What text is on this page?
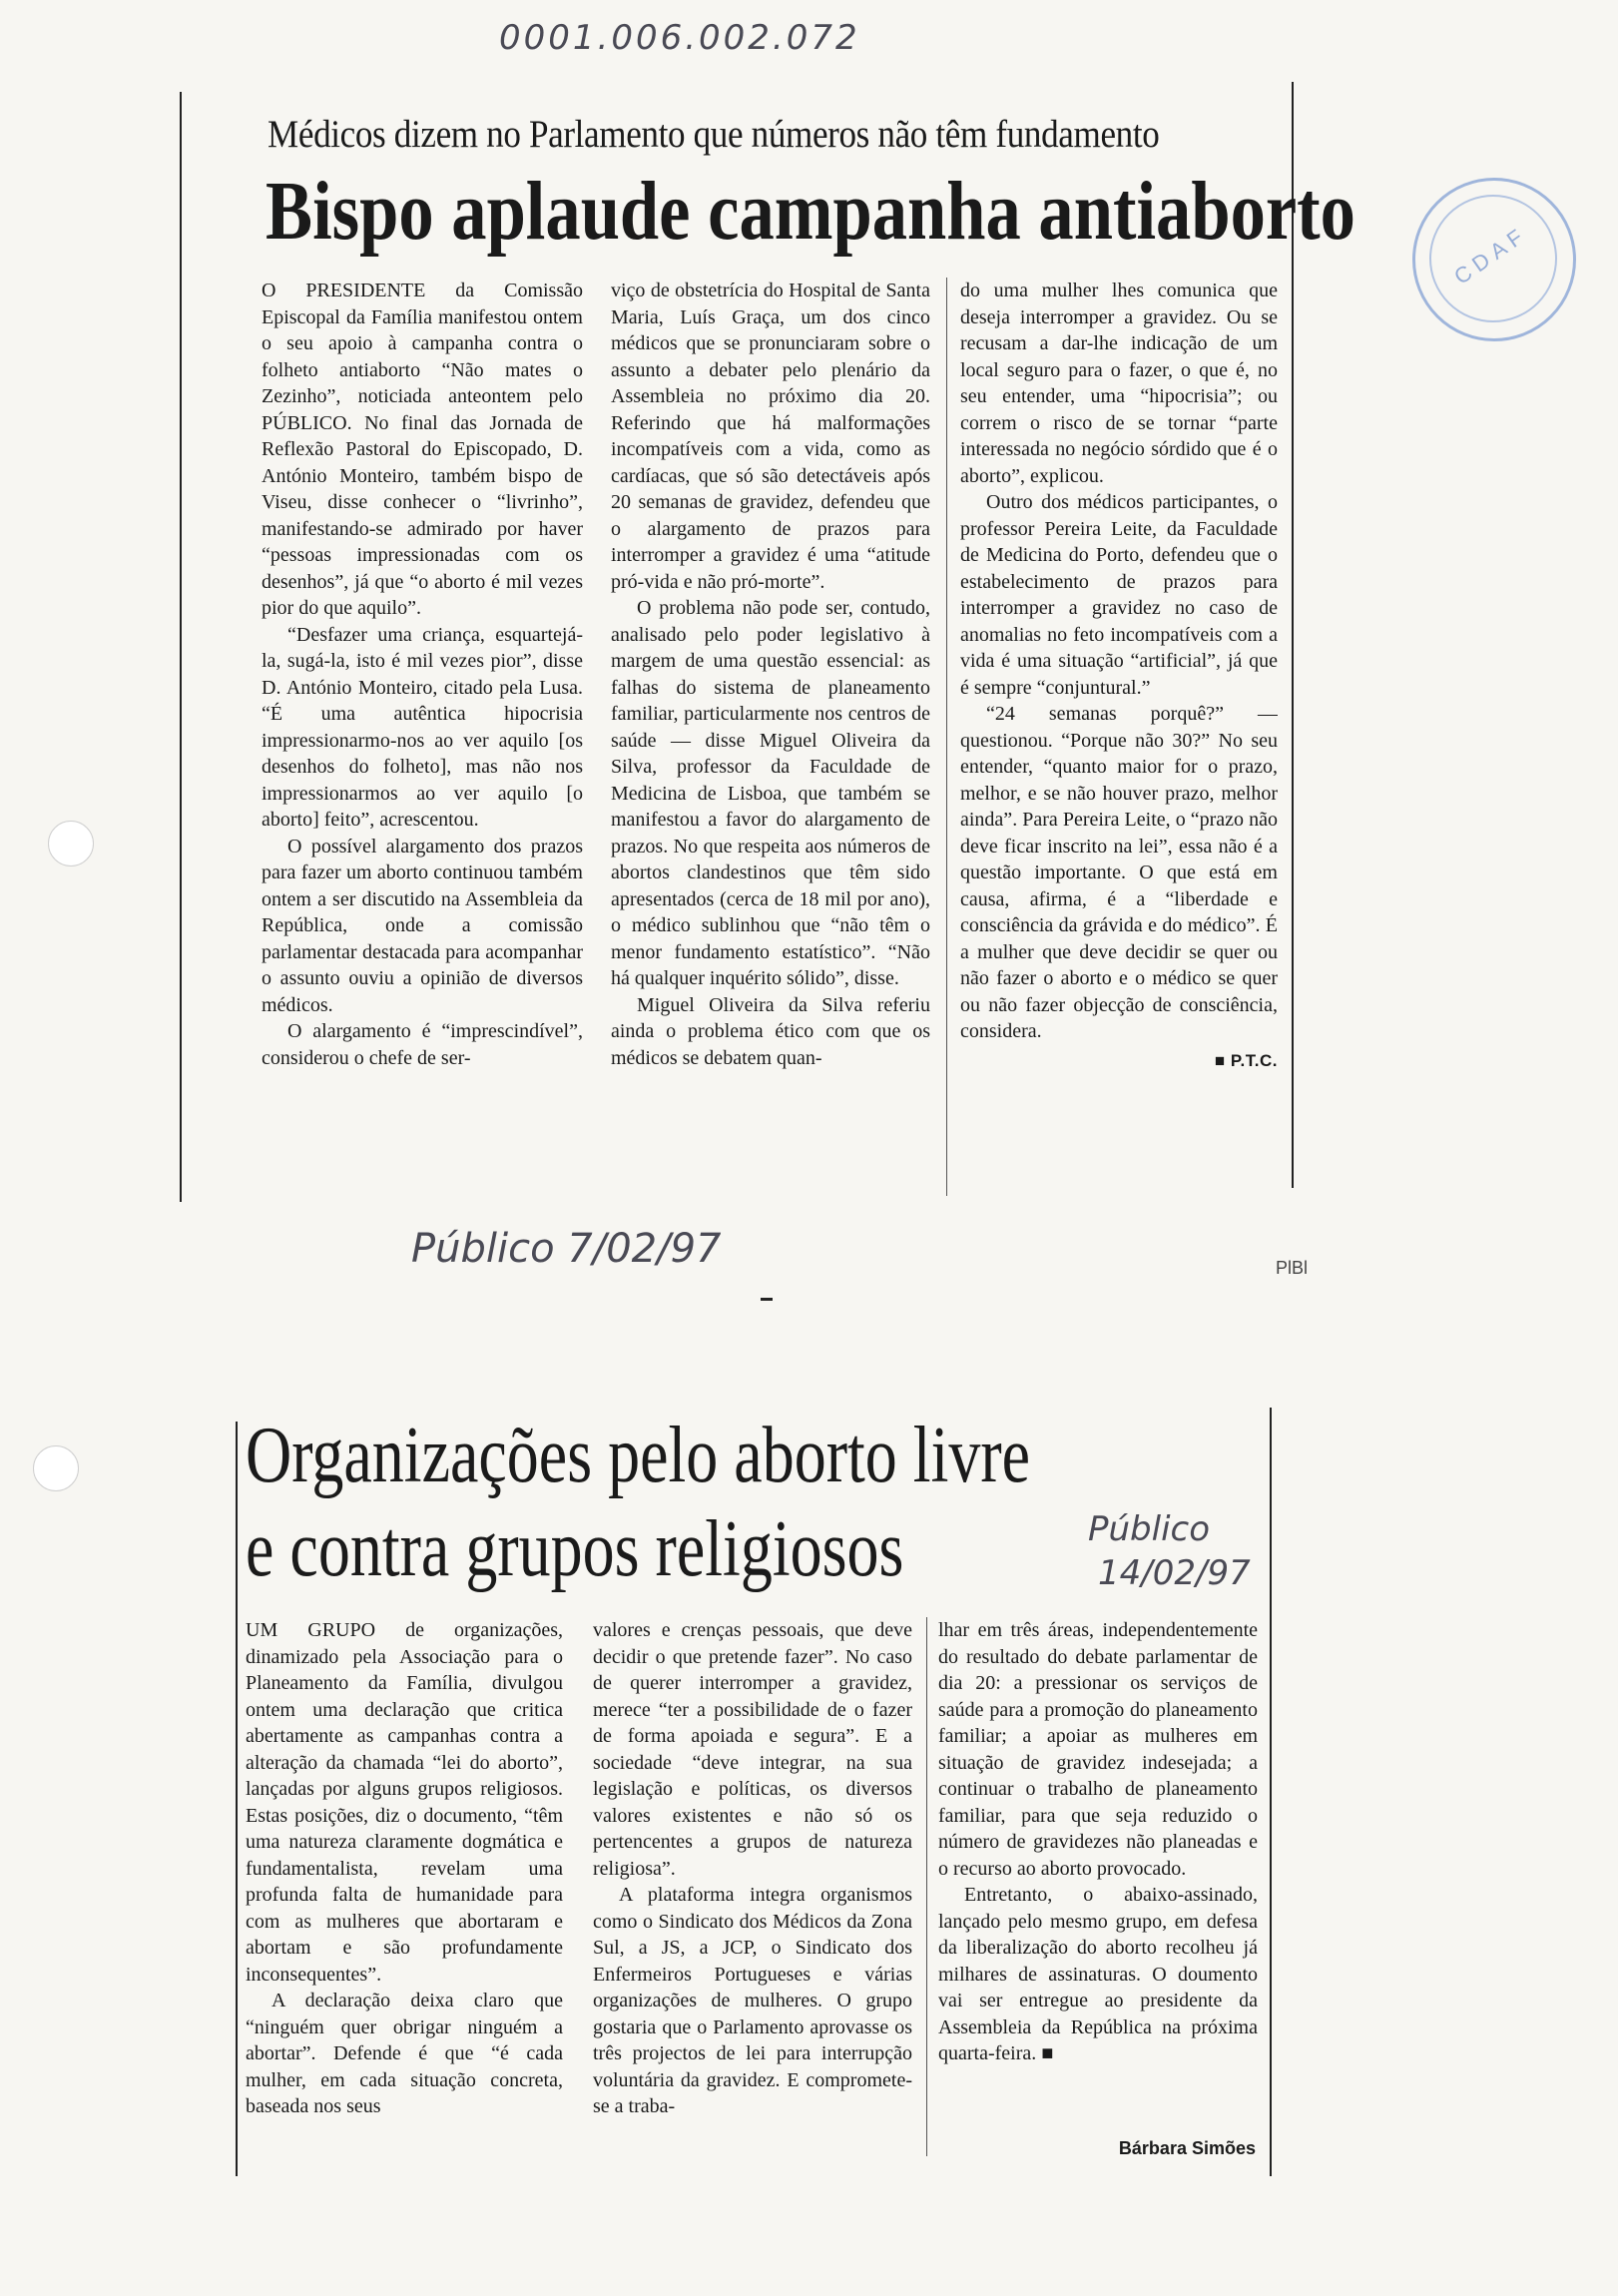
0001.006.002.072
CDAF
Médicos dizem no Parlamento que números não têm fundamento
Bispo aplaude campanha antiaborto

O PRESIDENTE da Comissão Episcopal da Família manifestou ontem o seu apoio à campanha contra o folheto antiaborto “Não mates o Zezinho”, noticiada anteontem pelo PÚBLICO. No final das Jornada de Reflexão Pastoral do Episcopado, D. António Monteiro, também bispo de Viseu, disse conhecer o “livrinho”, manifestando-se admirado por haver “pessoas impressionadas com os desenhos”, já que “o aborto é mil vezes pior do que aquilo”.

“Desfazer uma criança, esquartejá-la, sugá-la, isto é mil vezes pior”, disse D. António Monteiro, citado pela Lusa. “É uma autêntica hipocrisia impressionarmo-nos ao ver aquilo [os desenhos do folheto], mas não nos impressionarmos ao ver aquilo [o aborto] feito”, acrescentou.

O possível alargamento dos prazos para fazer um aborto continuou também ontem a ser discutido na Assembleia da República, onde a comissão parlamentar destacada para acompanhar o assunto ouviu a opinião de diversos médicos.

O alargamento é “imprescindível”, considerou o chefe de ser-

viço de obstetrícia do Hospital de Santa Maria, Luís Graça, um dos cinco médicos que se pronunciaram sobre o assunto a debater pelo plenário da Assembleia no próximo dia 20. Referindo que há malformações incompatíveis com a vida, como as cardíacas, que só são detectáveis após 20 semanas de gravidez, defendeu que o alargamento de prazos para interromper a gravidez é uma “atitude pró-vida e não pró-morte”.

O problema não pode ser, contudo, analisado pelo poder legislativo à margem de uma questão essencial: as falhas do sistema de planeamento familiar, particularmente nos centros de saúde — disse Miguel Oliveira da Silva, professor da Faculdade de Medicina de Lisboa, que também se manifestou a favor do alargamento de prazos. No que respeita aos números de abortos clandestinos que têm sido apresentados (cerca de 18 mil por ano), o médico sublinhou que “não têm o menor fundamento estatístico”. “Não há qualquer inquérito sólido”, disse.

Miguel Oliveira da Silva referiu ainda o problema ético com que os médicos se debatem quan-

do uma mulher lhes comunica que deseja interromper a gravidez. Ou se recusam a dar-lhe indicação de um local seguro para o fazer, o que é, no seu entender, uma “hipocrisia”; ou correm o risco de se tornar “parte interessada no negócio sórdido que é o aborto”, explicou.

Outro dos médicos participantes, o professor Pereira Leite, da Faculdade de Medicina do Porto, defendeu que o estabelecimento de prazos para interromper a gravidez no caso de anomalias no feto incompatíveis com a vida é uma situação “artificial”, já que é sempre “conjuntural.”

“24 semanas porquê?” — questionou. “Porque não 30?” No seu entender, “quanto maior for o prazo, melhor, e se não houver prazo, melhor ainda”. Para Pereira Leite, o “prazo não deve ficar inscrito na lei”, essa não é a questão importante. O que está em causa, afirma, é a “liberdade e consciência da grávida e do médico”. É a mulher que deve decidir se quer ou não fazer o aborto e o médico se quer ou não fazer objecção de consciência, considera.

■ P.T.C.
Público 7/02/97	PlBl
Organizações pelo aborto livre
e contra grupos religiosos	Público
14/02/97

UM GRUPO de organizações, dinamizado pela Associação para o Planeamento da Família, divulgou ontem uma declaração que critica abertamente as campanhas contra a alteração da chamada “lei do aborto”, lançadas por alguns grupos religiosos. Estas posições, diz o documento, “têm uma natureza claramente dogmática e fundamentalista, revelam uma profunda falta de humanidade para com as mulheres que abortaram e abortam e são profundamente inconsequentes”.

A declaração deixa claro que “ninguém quer obrigar ninguém a abortar”. Defende é que “é cada mulher, em cada situação concreta, baseada nos seus

valores e crenças pessoais, que deve decidir o que pretende fazer”. No caso de querer interromper a gravidez, merece “ter a possibilidade de o fazer de forma apoiada e segura”. E a sociedade “deve integrar, na sua legislação e políticas, os diversos valores existentes e não só os pertencentes a grupos de natureza religiosa”.

A plataforma integra organismos como o Sindicato dos Médicos da Zona Sul, a JS, a JCP, o Sindicato dos Enfermeiros Portugueses e várias organizações de mulheres. O grupo gostaria que o Parlamento aprovasse os três projectos de lei para interrupção voluntária da gravidez. E compromete-se a traba-

lhar em três áreas, independentemente do resultado do debate parlamentar de dia 20: a pressionar os serviços de saúde para a promoção do planeamento familiar; a apoiar as mulheres em situação de gravidez indesejada; a continuar o trabalho de planeamento familiar, para que seja reduzido o número de gravidezes não planeadas e o recurso ao aborto provocado.

Entretanto, o abaixo-assinado, lançado pelo mesmo grupo, em defesa da liberalização do aborto recolheu já milhares de assinaturas. O doumento vai ser entregue ao presidente da Assembleia da República na próxima quarta-feira. ■

Bárbara Simões
